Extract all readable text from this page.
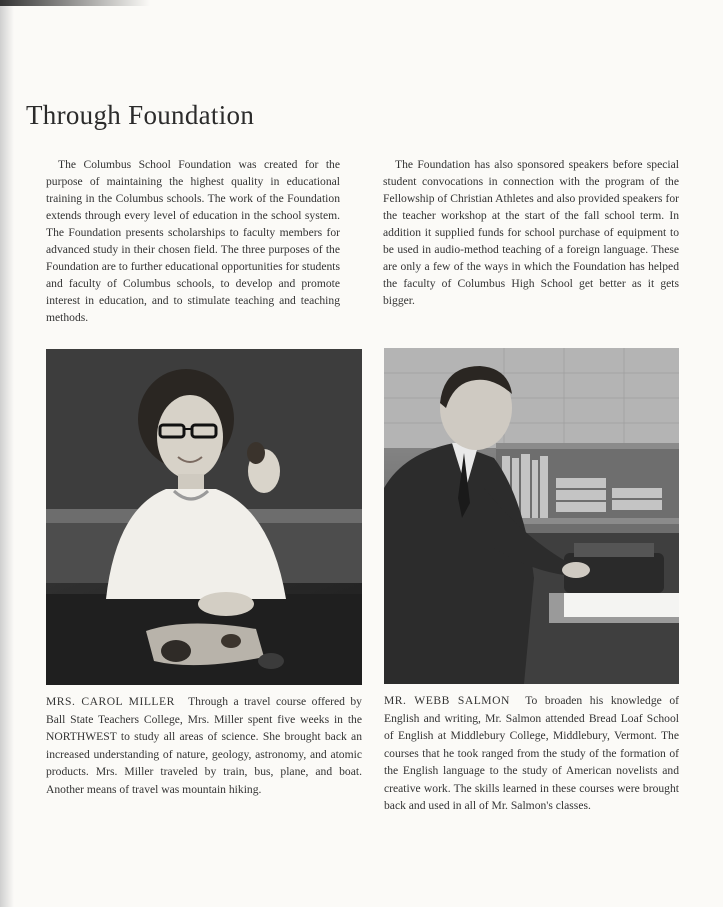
Through Foundation

The Columbus School Foundation was created for the purpose of maintaining the highest quality in educational training in the Columbus schools. The work of the Foundation extends through every level of education in the school system. The Foundation presents scholarships to faculty members for advanced study in their chosen field. The three purposes of the Foundation are to further educational opportunities for students and faculty of Columbus schools, to develop and promote interest in education, and to stimulate teaching and teaching methods.

The Foundation has also sponsored speakers before special student convocations in connection with the program of the Fellowship of Christian Athletes and also provided speakers for the teacher workshop at the start of the fall school term. In addition it supplied funds for school purchase of equipment to be used in audio-method teaching of a foreign language. These are only a few of the ways in which the Foundation has helped the faculty of Columbus High School get better as it gets bigger.

MRS. CAROL MILLER Through a travel course offered by Ball State Teachers College, Mrs. Miller spent five weeks in the NORTHWEST to study all areas of science. She brought back an increased understanding of nature, geology, astronomy, and atomic products. Mrs. Miller traveled by train, bus, plane, and boat. Another means of travel was mountain hiking.

MR. WEBB SALMON To broaden his knowledge of English and writing, Mr. Salmon attended Bread Loaf School of English at Middlebury College, Middlebury, Vermont. The courses that he took ranged from the study of the formation of the English language to the study of American novelists and creative work. The skills learned in these courses were brought back and used in all of Mr. Salmon's classes.
